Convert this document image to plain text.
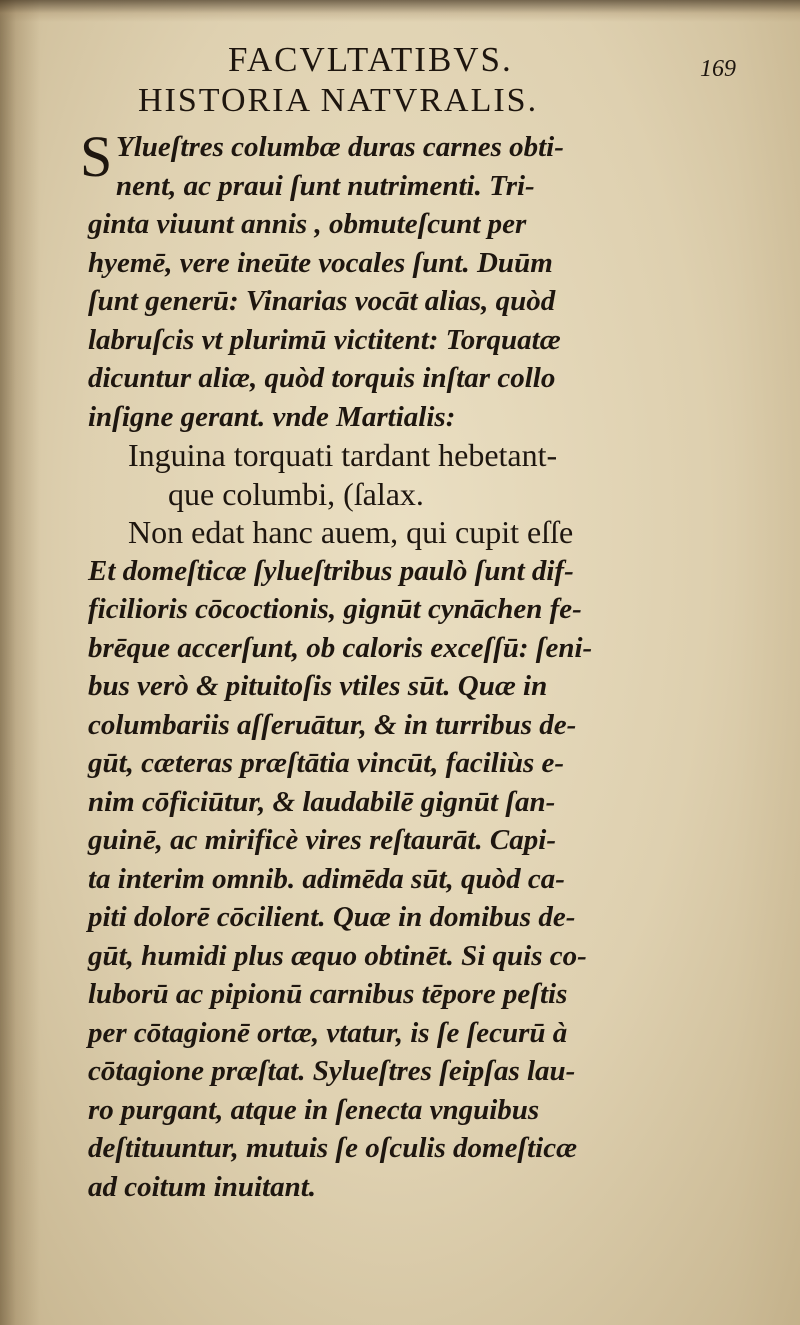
FACVLTATIBVS.	169
HISTORIA NATVRALIS.
S Ylueſtres columbæ duras carnes obti-
nent, ac praui ſunt nutrimenti. Tri-
ginta viuunt annis , obmuteſcunt per
hyemē, vere ineūte vocales ſunt. Duūm
ſunt generū: Vinarias vocāt alias, quòd
labruſcis vt plurimū victitent: Torquatæ
dicuntur aliæ, quòd torquis inſtar collo
inſigne gerant. vnde Martialis:
Inguina torquati tardant hebetant-
que columbi, (ſalax.
Non edat hanc auem, qui cupit eſſe
Et domeſticæ ſylueſtribus paulò ſunt dif-
ficilioris cōcoctionis, gignūt cynāchen fe-
brēque accerſunt, ob caloris exceſſū: ſeni-
bus verò & pituitoſis vtiles sūt. Quæ in
columbariis aſſeruātur, & in turribus de-
gūt, cæteras præſtātia vincūt, faciliùs e-
nim cōficiūtur, & laudabilē gignūt ſan-
guinē, ac mirificè vires reſtaurāt. Capi-
ta interim omnib. adimēda sūt, quòd ca-
piti dolorē cōcilient. Quæ in domibus de-
gūt, humidi plus æquo obtinēt. Si quis co-
luborū ac pipionū carnibus tēpore peſtis
per cōtagionē ortæ, vtatur, is ſe ſecurū à
cōtagione præſtat. Sylueſtres ſeipſas lau-
ro purgant, atque in ſenecta vnguibus
deſtituuntur, mutuis ſe oſculis domeſticæ
ad coitum inuitant.
